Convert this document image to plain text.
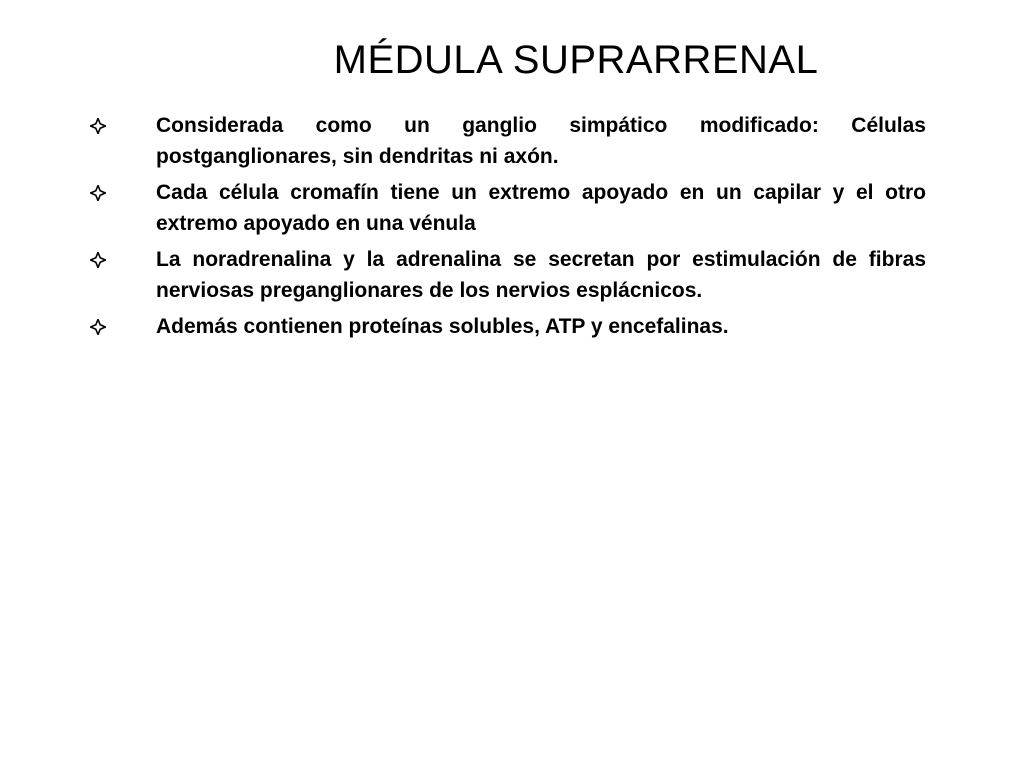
MÉDULA SUPRARRENAL
Considerada como un ganglio simpático modificado: Células postganglionares, sin dendritas ni axón.
Cada célula cromafín tiene un extremo apoyado en un capilar y el otro extremo apoyado en una vénula
La noradrenalina y la adrenalina se secretan por estimulación de fibras nerviosas preganglionares de los nervios esplácnicos.
Además contienen proteínas solubles, ATP y encefalinas.
